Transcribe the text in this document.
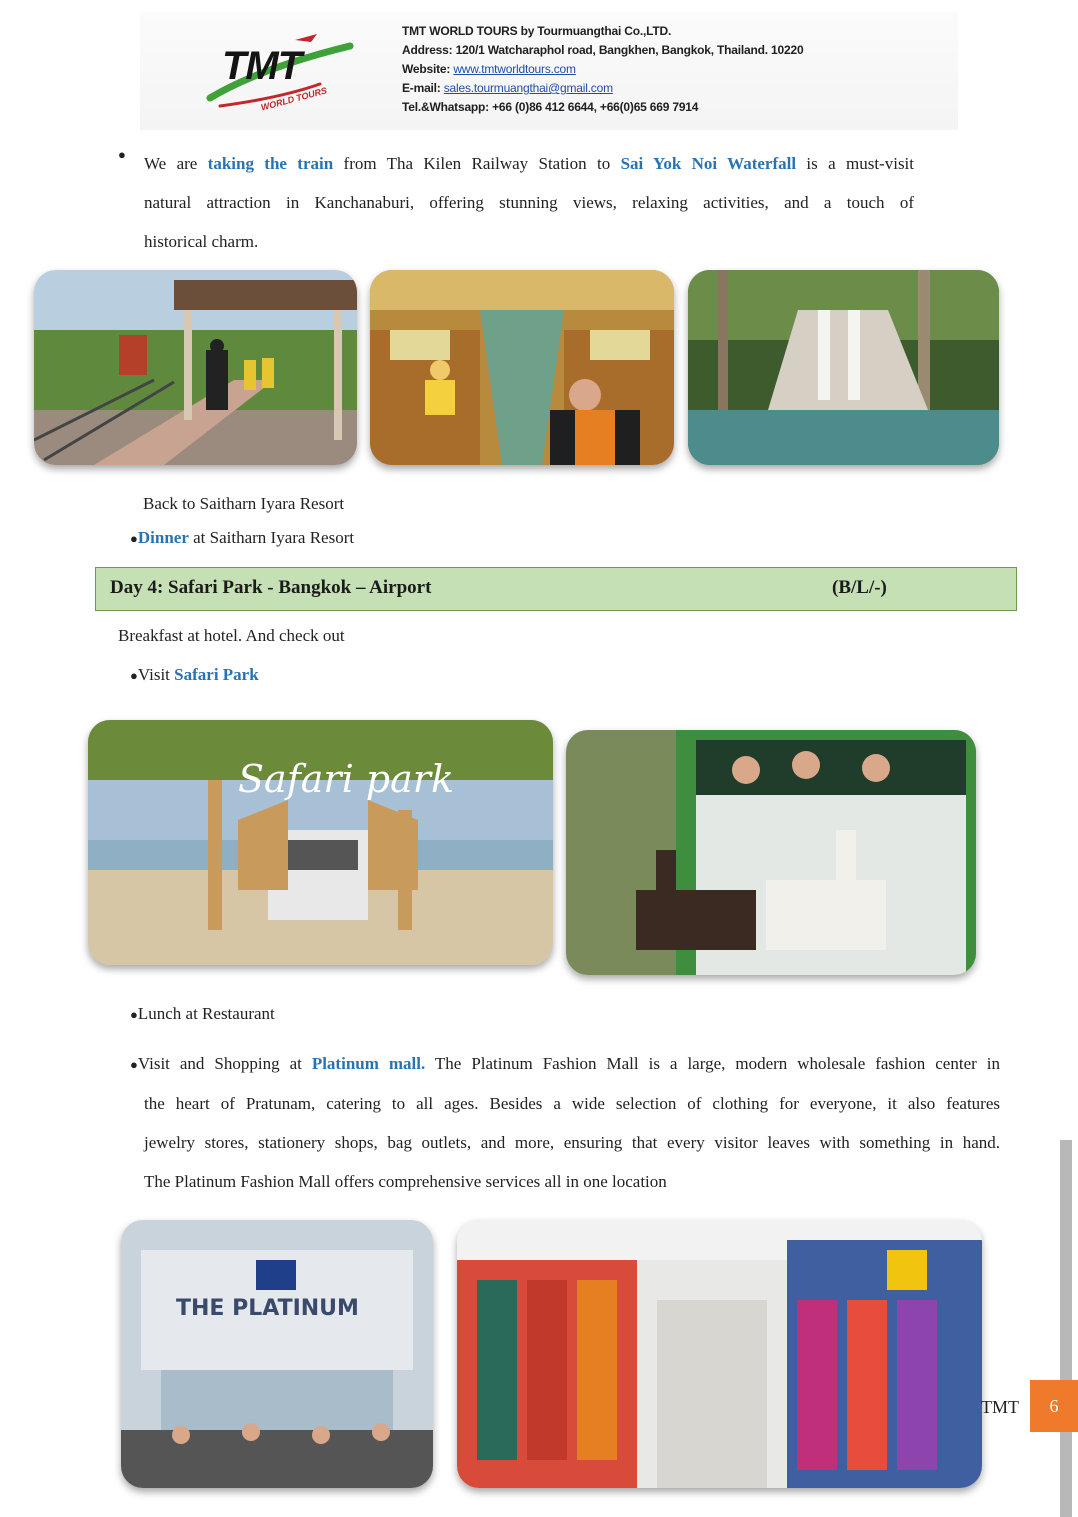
TMT
WORLD TOURS
TMT WORLD TOURS by Tourmuangthai Co.,LTD.
Address: 120/1 Watcharaphol road, Bangkhen, Bangkok, Thailand. 10220
Website: www.tmtworldtours.com
E-mail: sales.tourmuangthai@gmail.com
Tel.&Whatsapp: +66 (0)86 412 6644, +66(0)65 669 7914
● We are taking the train from Tha Kilen Railway Station to Sai Yok Noi Waterfall is a must-visit
natural attraction in Kanchanaburi, offering stunning views, relaxing activities, and a touch of
historical charm.
Back to Saitharn Iyara Resort
●Dinner at Saitharn Iyara Resort
Day 4: Safari Park - Bangkok – Airport	(B/L/-)
Breakfast at hotel. And check out
●Visit Safari Park
Safari park
●Lunch at Restaurant
●Visit and Shopping at Platinum mall. The Platinum Fashion Mall is a large, modern wholesale fashion center in
the heart of Pratunam, catering to all ages. Besides a wide selection of clothing for everyone, it also features
jewelry stores, stationery shops, bag outlets, and more, ensuring that every visitor leaves with something in hand.
The Platinum Fashion Mall offers comprehensive services all in one location
THE PLATINUM
TMT	6
